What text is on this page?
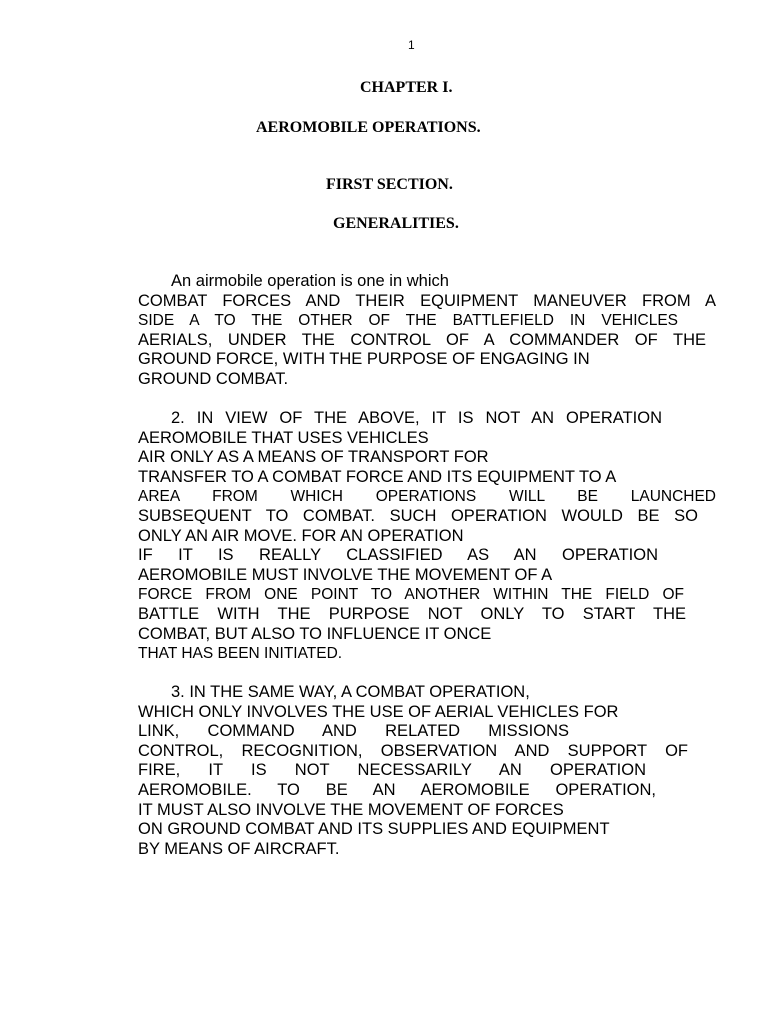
1
CHAPTER I.
AEROMOBILE OPERATIONS.
FIRST SECTION.
GENERALITIES.
An airmobile operation is one in which
COMBAT FORCES AND THEIR EQUIPMENT MANEUVER FROM A
SIDE A TO THE OTHER OF THE BATTLEFIELD IN VEHICLES
AERIALS, UNDER THE CONTROL OF A COMMANDER OF THE
GROUND FORCE, WITH THE PURPOSE OF ENGAGING IN
GROUND COMBAT.
2. IN VIEW OF THE ABOVE, IT IS NOT AN OPERATION
AEROMOBILE THAT USES VEHICLES
AIR ONLY AS A MEANS OF TRANSPORT FOR
TRANSFER TO A COMBAT FORCE AND ITS EQUIPMENT TO A
AREA FROM WHICH OPERATIONS WILL BE LAUNCHED
SUBSEQUENT TO COMBAT. SUCH OPERATION WOULD BE SO
ONLY AN AIR MOVE. FOR AN OPERATION
IF IT IS REALLY CLASSIFIED AS AN OPERATION
AEROMOBILE MUST INVOLVE THE MOVEMENT OF A
FORCE FROM ONE POINT TO ANOTHER WITHIN THE FIELD OF
BATTLE WITH THE PURPOSE NOT ONLY TO START THE
COMBAT, BUT ALSO TO INFLUENCE IT ONCE
THAT HAS BEEN INITIATED.
3. IN THE SAME WAY, A COMBAT OPERATION,
WHICH ONLY INVOLVES THE USE OF AERIAL VEHICLES FOR
LINK, COMMAND AND RELATED MISSIONS
CONTROL, RECOGNITION, OBSERVATION AND SUPPORT OF
FIRE, IT IS NOT NECESSARILY AN OPERATION
AEROMOBILE. TO BE AN AEROMOBILE OPERATION,
IT MUST ALSO INVOLVE THE MOVEMENT OF FORCES
ON GROUND COMBAT AND ITS SUPPLIES AND EQUIPMENT
BY MEANS OF AIRCRAFT.
